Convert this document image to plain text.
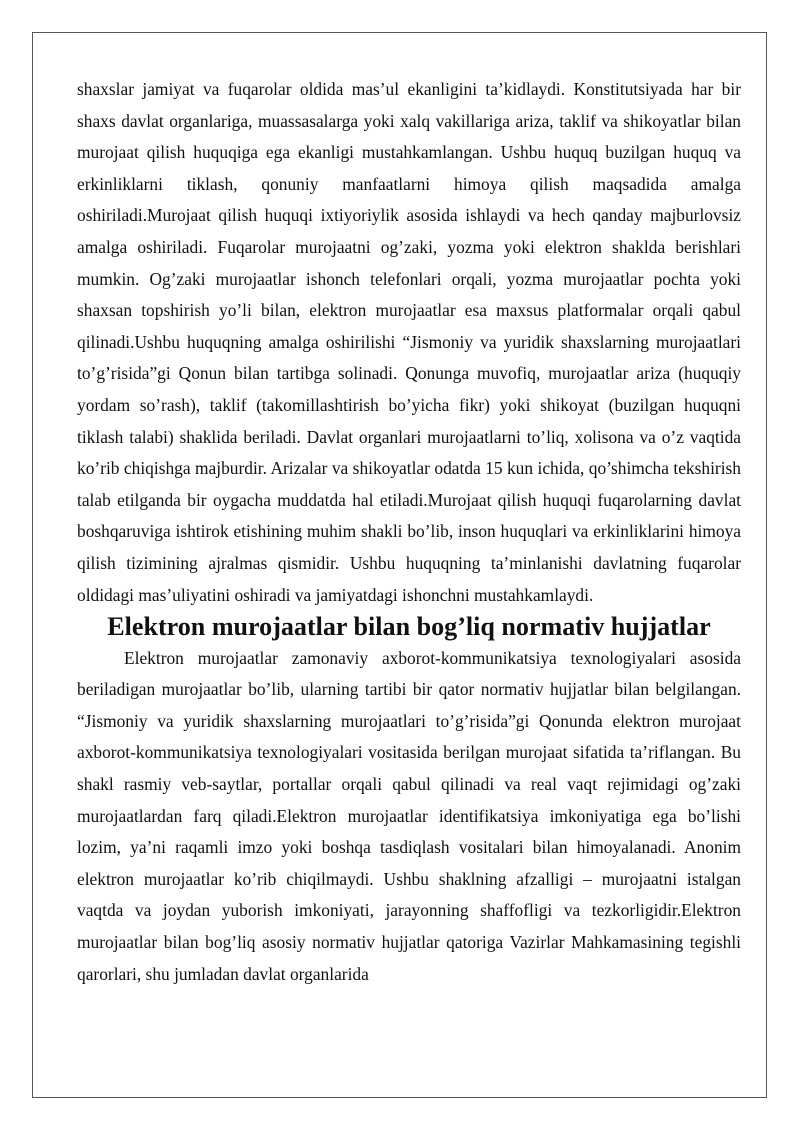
shaxslar jamiyat va fuqarolar oldida mas’ul ekanligini ta’kidlaydi. Konstitutsiyada har bir shaxs davlat organlariga, muassasalarga yoki xalq vakillariga ariza, taklif va shikoyatlar bilan murojaat qilish huquqiga ega ekanligi mustahkamlangan. Ushbu huquq buzilgan huquq va erkinliklarni tiklash, qonuniy manfaatlarni himoya qilish maqsadida amalga oshiriladi.Murojaat qilish huquqi ixtiyoriylik asosida ishlaydi va hech qanday majburlovsiz amalga oshiriladi. Fuqarolar murojaatni og’zaki, yozma yoki elektron shaklda berishlari mumkin. Og’zaki murojaatlar ishonch telefonlari orqali, yozma murojaatlar pochta yoki shaxsan topshirish yo’li bilan, elektron murojaatlar esa maxsus platformalar orqali qabul qilinadi.Ushbu huquqning amalga oshirilishi “Jismoniy va yuridik shaxslarning murojaatlari to’g’risida”gi Qonun bilan tartibga solinadi. Qonunga muvofiq, murojaatlar ariza (huquqiy yordam so’rash), taklif (takomillashtirish bo’yicha fikr) yoki shikoyat (buzilgan huquqni tiklash talabi) shaklida beriladi. Davlat organlari murojaatlarni to’liq, xolisona va o’z vaqtida ko’rib chiqishga majburdir. Arizalar va shikoyatlar odatda 15 kun ichida, qo’shimcha tekshirish talab etilganda bir oygacha muddatda hal etiladi.Murojaat qilish huquqi fuqarolarning davlat boshqaruviga ishtirok etishining muhim shakli bo’lib, inson huquqlari va erkinliklarini himoya qilish tizimining ajralmas qismidir. Ushbu huquqning ta’minlanishi davlatning fuqarolar oldidagi mas’uliyatini oshiradi va jamiyatdagi ishonchni mustahkamlaydi.

Elektron murojaatlar bilan bog’liq normativ hujjatlar

Elektron murojaatlar zamonaviy axborot-kommunikatsiya texnologiyalari asosida beriladigan murojaatlar bo’lib, ularning tartibi bir qator normativ hujjatlar bilan belgilangan. “Jismoniy va yuridik shaxslarning murojaatlari to’g’risida”gi Qonunda elektron murojaat axborot-kommunikatsiya texnologiyalari vositasida berilgan murojaat sifatida ta’riflangan. Bu shakl rasmiy veb-saytlar, portallar orqali qabul qilinadi va real vaqt rejimidagi og’zaki murojaatlardan farq qiladi.Elektron murojaatlar identifikatsiya imkoniyatiga ega bo’lishi lozim, ya’ni raqamli imzo yoki boshqa tasdiqlash vositalari bilan himoyalanadi. Anonim elektron murojaatlar ko’rib chiqilmaydi. Ushbu shaklning afzalligi – murojaatni istalgan vaqtda va joydan yuborish imkoniyati, jarayonning shaffofligi va tezkorligidir.Elektron murojaatlar bilan bog’liq asosiy normativ hujjatlar qatoriga Vazirlar Mahkamasining tegishli qarorlari, shu jumladan davlat organlarida
